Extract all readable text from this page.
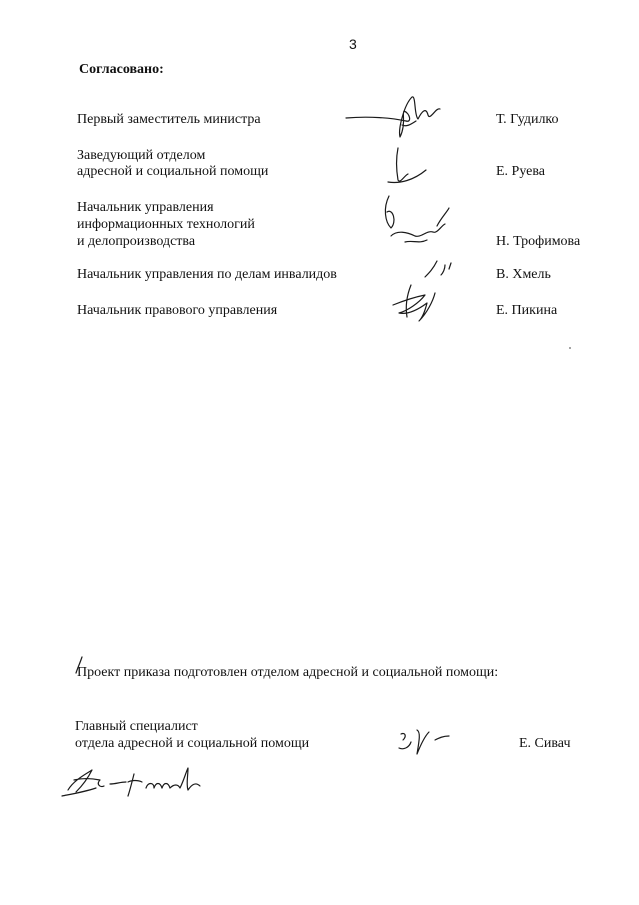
3
Согласовано:
Первый заместитель министра	Т. Гудилко
Заведующий отделом
адресной и социальной помощи	Е. Руева
Начальник управления
информационных технологий
и делопроизводства	Н. Трофимова
Начальник управления по делам инвалидов	В. Хмель
Начальник правового управления	Е. Пикина
Проект приказа подготовлен отделом адресной и социальной помощи:
Главный специалист
отдела адресной и социальной помощи	Е. Сивач
